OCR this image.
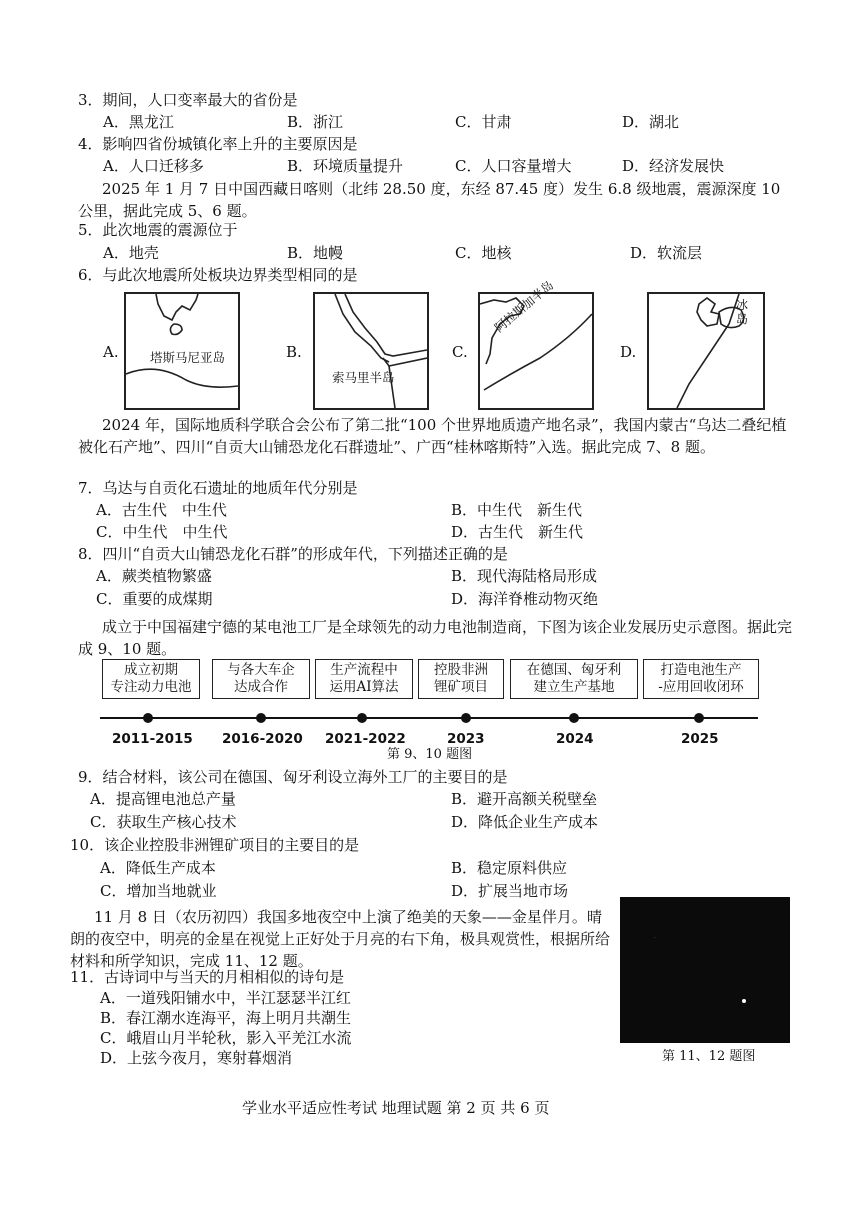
3．期间，人口变率最大的省份是
A．黑龙江	B．浙江	C．甘肃	D．湖北
4．影响四省份城镇化率上升的主要原因是
A．人口迁移多	B．环境质量提升	C．人口容量增大	D．经济发展快
2025 年 1 月 7 日中国西藏日喀则（北纬 28.50 度，东经 87.45 度）发生 6.8 级地震，震源深度 10 公里，据此完成 5、6 题。
5．此次地震的震源位于
A．地壳	B．地幔	C．地核	D．软流层
6．与此次地震所处板块边界类型相同的是
A.	塔斯马尼亚岛	B.
索马里半岛
C.
阿拉斯加半岛
D.
冰岛
2024 年，国际地质科学联合会公布了第二批“100 个世界地质遗产地名录”，我国内蒙古“乌达二叠纪植被化石产地”、四川“自贡大山铺恐龙化石群遗址”、广西“桂林喀斯特”入选。据此完成 7、8 题。
7．乌达与自贡化石遗址的地质年代分别是
A．古生代　中生代	B．中生代　新生代
C．中生代　中生代	D．古生代　新生代
8．四川“自贡大山铺恐龙化石群”的形成年代，下列描述正确的是
A．蕨类植物繁盛	B．现代海陆格局形成
C．重要的成煤期	D．海洋脊椎动物灭绝
成立于中国福建宁德的某电池工厂是全球领先的动力电池制造商，下图为该企业发展历史示意图。据此完成 9、10 题。
成立初期
专注动力电池
与各大车企
达成合作
生产流程中
运用AI算法
控股非洲
锂矿项目
在德国、匈牙利
建立生产基地
打造电池生产
-应用回收闭环
2011-2015 2016-2020 2021-2022	2023	2024	2025
第 9、10 题图
9．结合材料，该公司在德国、匈牙利设立海外工厂的主要目的是
A．提高锂电池总产量	B．避开高额关税壁垒
C．获取生产核心技术	D．降低企业生产成本
10．该企业控股非洲锂矿项目的主要目的是
A．降低生产成本	B．稳定原料供应
C．增加当地就业	D．扩展当地市场
11 月 8 日（农历初四）我国多地夜空中上演了绝美的天象——金星伴月。晴朗的夜空中，明亮的金星在视觉上正好处于月亮的右下角，极具观赏性，根据所给材料和所学知识，完成 11、12 题。
11．古诗词中与当天的月相相似的诗句是
A．一道残阳铺水中，半江瑟瑟半江红
B．春江潮水连海平，海上明月共潮生
C．峨眉山月半轮秋，影入平羌江水流
D．上弦今夜月，寒射暮烟消	第 11、12 题图
学业水平适应性考试 地理试题 第 2 页 共 6 页
